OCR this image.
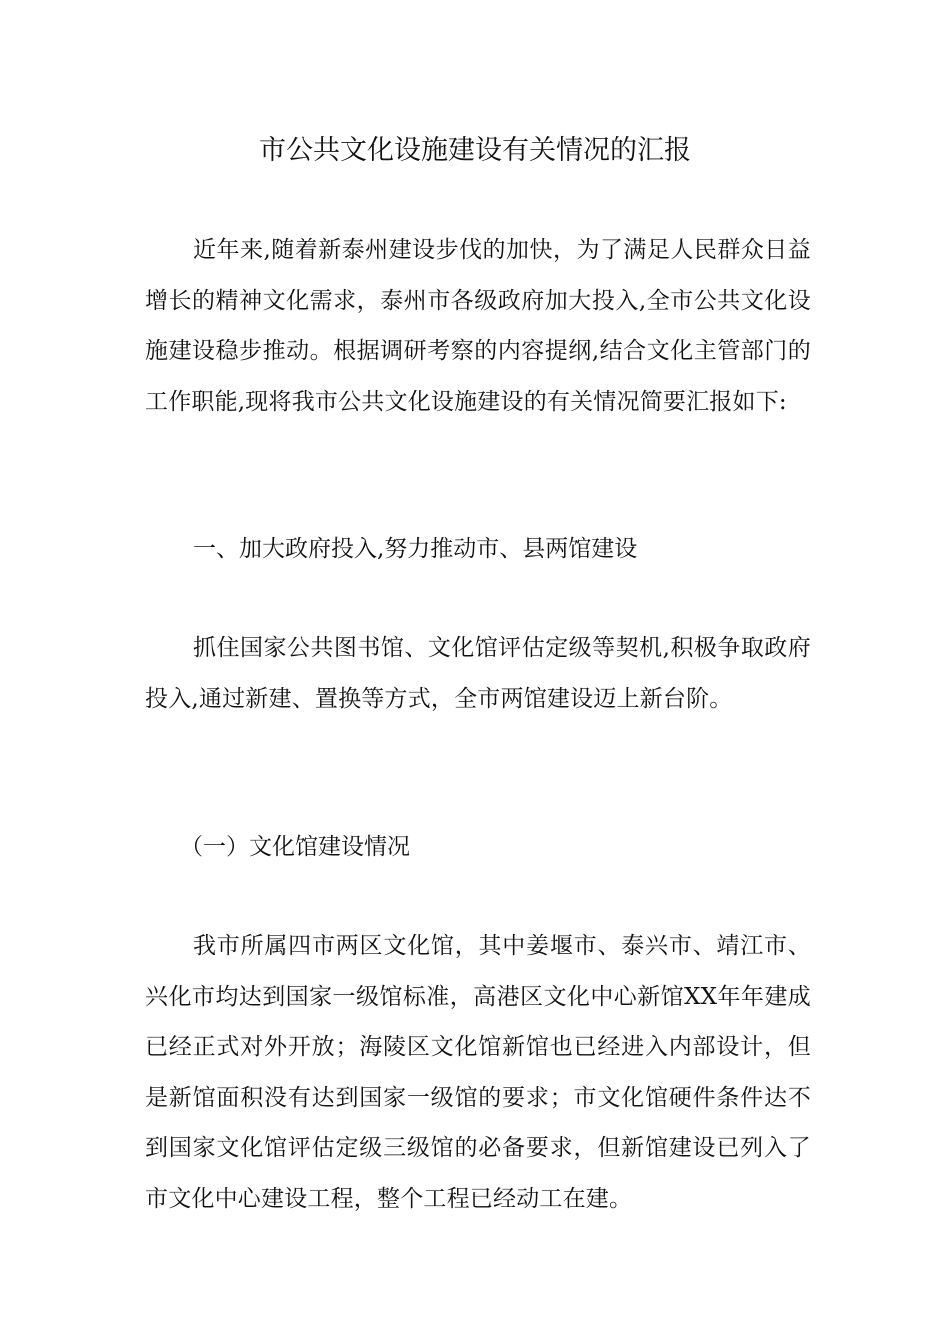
市公共文化设施建设有关情况的汇报
近年来,随着新泰州建设步伐的加快，为了满足人民群众日益增长的精神文化需求，泰州市各级政府加大投入,全市公共文化设施建设稳步推动。根据调研考察的内容提纲,结合文化主管部门的工作职能,现将我市公共文化设施建设的有关情况简要汇报如下:
一、加大政府投入,努力推动市、县两馆建设
抓住国家公共图书馆、文化馆评估定级等契机,积极争取政府投入,通过新建、置换等方式，全市两馆建设迈上新台阶。
（一）文化馆建设情况
我市所属四市两区文化馆，其中姜堰市、泰兴市、靖江市、兴化市均达到国家一级馆标准，高港区文化中心新馆XX年年建成已经正式对外开放；海陵区文化馆新馆也已经进入内部设计，但是新馆面积没有达到国家一级馆的要求；市文化馆硬件条件达不到国家文化馆评估定级三级馆的必备要求，但新馆建设已列入了市文化中心建设工程，整个工程已经动工在建。
